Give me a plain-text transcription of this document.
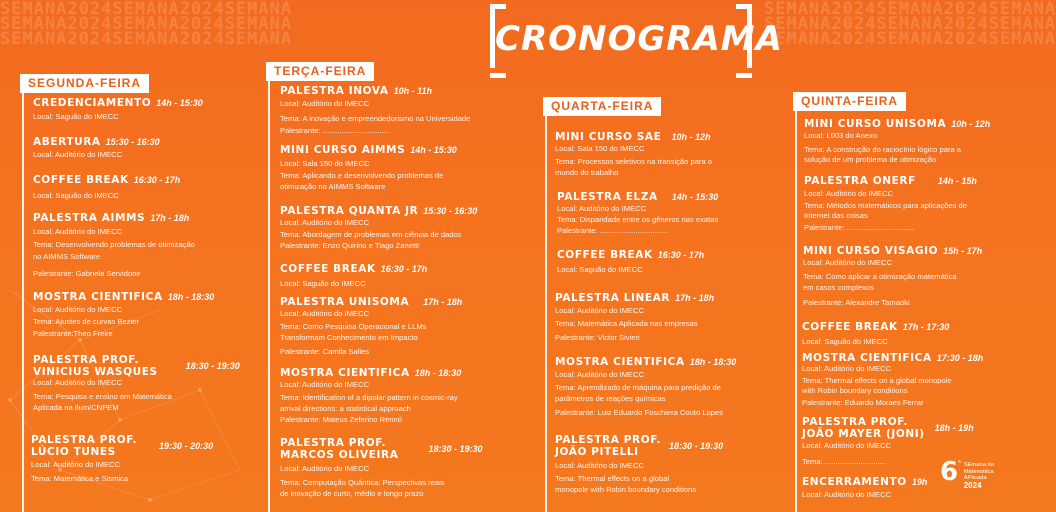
SEMANA2024SEMANA2024SEMANA
SEMANA2024SEMANA2024SEMANA
SEMANA2024SEMANA2024SEMANA
SEMANA2024SEMANA2024SEMANA
SEMANA2024SEMANA2024SEMANA
SEMANA2024SEMANA2024SEMANA
CRONOGRAMA
SEGUNDA-FEIRA
CREDENCIAMENTO 14h - 15:30
Local: Saguão do IMECC
ABERTURA 15:30 - 16:30
Local: Auditório do IMECC
COFFEE BREAK 16:30 - 17h
Local: Saguão do IMECC
PALESTRA AIMMS 17h - 18h
Local: Auditório do IMECC
Tema: Desenvolvendo problemas de otimização
no AIMMS Software
Palestrante: Gabriela Servidone
MOSTRA CIENTIFICA 18h - 18:30
Local: Auditório do IMECC
Tema: Ajustes de curvas Bezier
Palestrante:Theo Freire
PALESTRA PROF.
VINICIUS WASQUES	18:30 - 19:30
Local: Auditório do IMECC
Tema: Pesquisa e ensino em Matemática
Aplicada na Ilum/CNPEM
PALESTRA PROF.
LÚCIO TUNES	19:30 - 20:30
Local: Auditório do IMECC
Tema: Matemática e Sismica
TERÇA-FEIRA
PALESTRA INOVA 10h - 11h
Local: Auditório do IMECC
Tema: A inovação e empreendedorismo na Universidade
Palestrante: ................................
MINI CURSO AIMMS 14h - 15:30
Local: Sala 150 do IMECC
Tema: Aplicando e desenvolvendo problemas de
otimização no AIMMS Software
PALESTRA QUANTA JR 15:30 - 16:30
Local: Auditório do IMECC
Tema: Abordagem de problemas em ciência de dados
Palestrante: Enzo Quirino e Tiago Zanetti
COFFEE BREAK 16:30 - 17h
Local: Saguão do IMECC
PALESTRA UNISOMA 17h - 18h
Local: Auditório do IMECC
Tema: Como Pesquisa Operacional e LLMs
Transformam Conhecimento em Impacto
Palestrante: Camila Salles
MOSTRA CIENTIFICA 18h - 18:30
Local: Auditório do IMECC
Tema: Identification of a dipolar pattern in cosmic-ray
arrival directions: a statistical approach
Palestrante: Mateus Zeferino Rennó
PALESTRA PROF.
MARCOS OLIVEIRA	18:30 - 19:30
Local: Auditório do IMECC
Tema: Computação Quântica: Perspectivas reais
de inovação de curto, médio e longo prazo
QUARTA-FEIRA
MINI CURSO SAE 10h - 12h
Local: Sala 150 do IMECC
Tema: Processos seletivos na transição para o
mundo do trabalho
PALESTRA ELZA 14h - 15:30
Local: Auditório do IMECC
Tema: Disparidade entre os gêneros nas exatas
Palestrante: ................................
COFFEE BREAK 16:30 - 17h
Local: Saguão do IMECC
PALESTRA LINEAR 17h - 18h
Local: Auditório do IMECC
Tema: Matemática Aplicada nas empresas
Palestrante: Victor Sivieri
MOSTRA CIENTIFICA 18h - 18:30
Local: Auditório do IMECC
Tema: Aprendizado de máquina para predição de
parâmetros de reações químicas
Palestrante: Luiz Eduardo Foschiera Couto Lopes
PALESTRA PROF.
JOÃO PITELLI	18:30 - 19:30
Local: Auditório do IMECC
Tema: Thermal effects on a global
monopole with Robin boundary conditions
QUINTA-FEIRA
MINI CURSO UNISOMA 10h - 12h
Local: L003 do Anexo
Tema: A construção do raciocínio lógico para a
solução de um problema de otimização
PALESTRA ONERF 14h - 15h
Local: Auditório do IMECC
Tema: Métodos matemáticos para aplicações de
Internet das coisas
Palestrante: ................................
MINI CURSO VISAGIO 15h - 17h
Local: Auditório do IMECC
Tema: Como aplicar a otimização matemática
em casos complexos
Palestrante: Alexandre Tamaoki
COFFEE BREAK 17h - 17:30
Local: Saguão do IMECC
MOSTRA CIENTIFICA 17:30 - 18h
Local: Auditório do IMECC
Tema: Thermal effects on a global monopole
with Robin boundary conditions
Palestrante: Eduardo Moraes Ferrar
PALESTRA PROF.
JOÃO MAYER (JONI) 18h - 19h
Local: Auditório do IMECC
Tema: .............................
ENCERRAMENTO 19h
Local: Auditório do IMECC
6 ª SEmana da
Matemática
APlicada
2024
